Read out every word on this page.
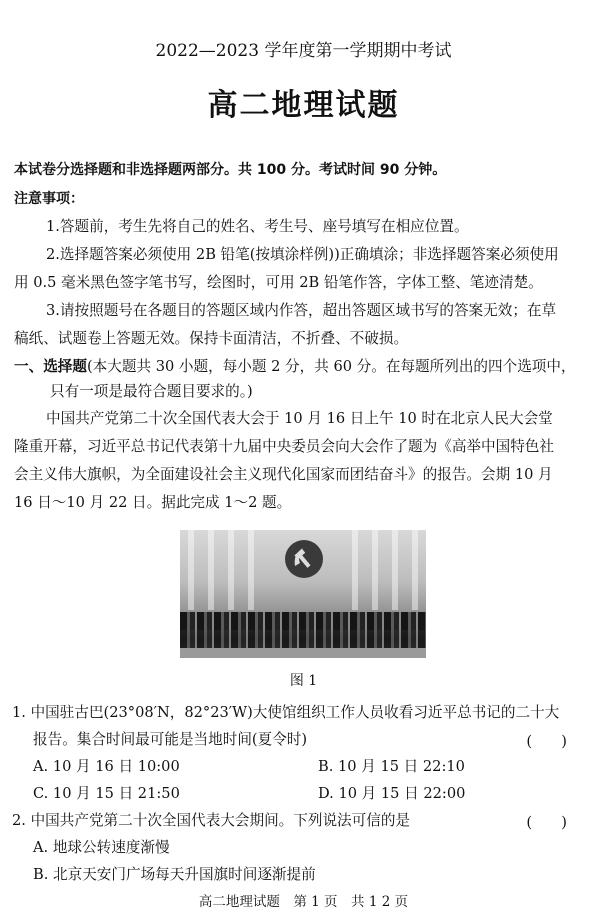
2022—2023 学年度第一学期期中考试
高二地理试题
本试卷分选择题和非选择题两部分。共 100 分。考试时间 90 分钟。
注意事项：
1.答题前，考生先将自己的姓名、考生号、座号填写在相应位置。
2.选择题答案必须使用 2B 铅笔(按填涂样例))正确填涂；非选择题答案必须使用
用 0.5 毫米黑色签字笔书写，绘图时，可用 2B 铅笔作答，字体工整、笔迹清楚。
3.请按照题号在各题目的答题区域内作答，超出答题区域书写的答案无效；在草
稿纸、试题卷上答题无效。保持卡面清洁，不折叠、不破损。
一、选择题(本大题共 30 小题，每小题 2 分，共 60 分。在每题所列出的四个选项中，
只有一项是最符合题目要求的。)
中国共产党第二十次全国代表大会于 10 月 16 日上午 10 时在北京人民大会堂
隆重开幕，习近平总书记代表第十九届中央委员会向大会作了题为《高举中国特色社
会主义伟大旗帜，为全面建设社会主义现代化国家而团结奋斗》的报告。会期 10 月
16 日～10 月 22 日。据此完成 1～2 题。
图 1
1. 中国驻古巴(23°08′N，82°23′W)大使馆组织工作人员收看习近平总书记的二十大
报告。集合时间最可能是当地时间(夏令时)	(　　)
A. 10 月 16 日 10:00	B. 10 月 15 日 22:10
C. 10 月 15 日 21:50	D. 10 月 15 日 22:00
2. 中国共产党第二十次全国代表大会期间。下列说法可信的是	(　　)
A. 地球公转速度渐慢
B. 北京天安门广场每天升国旗时间逐渐提前
高二地理试题　第 1 页　共 1 2 页
